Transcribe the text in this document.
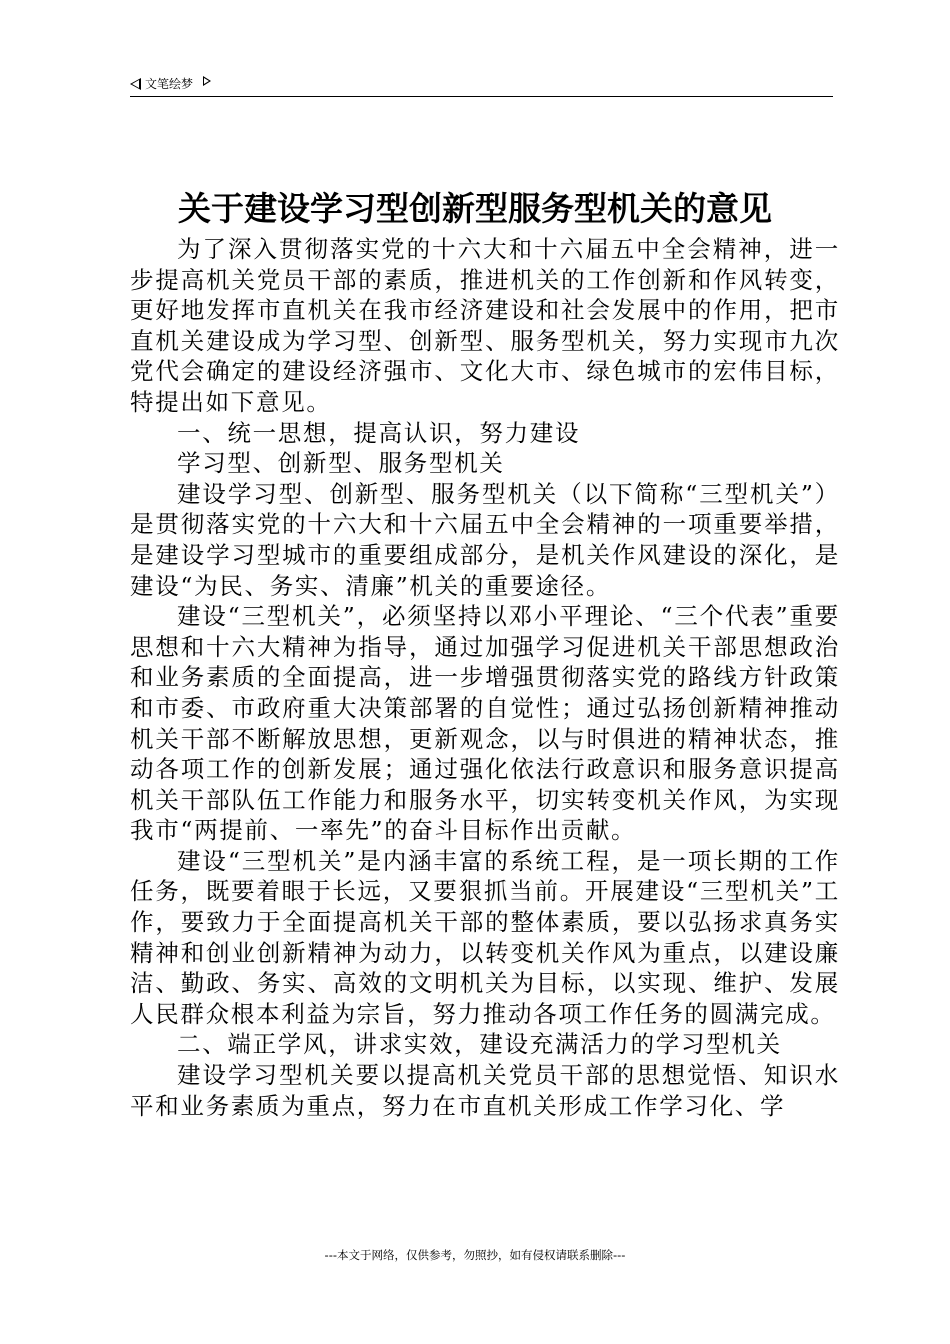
文笔绘梦
关于建设学习型创新型服务型机关的意见

为了深入贯彻落实党的十六大和十六届五中全会精神，进一步提高机关党员干部的素质，推进机关的工作创新和作风转变，更好地发挥市直机关在我市经济建设和社会发展中的作用，把市直机关建设成为学习型、创新型、服务型机关，努力实现市九次党代会确定的建设经济强市、文化大市、绿色城市的宏伟目标，特提出如下意见。

一、统一思想，提高认识，努力建设

学习型、创新型、服务型机关

建设学习型、创新型、服务型机关（以下简称“三型机关”）是贯彻落实党的十六大和十六届五中全会精神的一项重要举措，是建设学习型城市的重要组成部分，是机关作风建设的深化，是建设“为民、务实、清廉”机关的重要途径。

建设“三型机关”，必须坚持以邓小平理论、“三个代表”重要思想和十六大精神为指导，通过加强学习促进机关干部思想政治和业务素质的全面提高，进一步增强贯彻落实党的路线方针政策和市委、市政府重大决策部署的自觉性；通过弘扬创新精神推动机关干部不断解放思想，更新观念，以与时俱进的精神状态，推动各项工作的创新发展；通过强化依法行政意识和服务意识提高机关干部队伍工作能力和服务水平，切实转变机关作风，为实现我市“两提前、一率先”的奋斗目标作出贡献。

建设“三型机关”是内涵丰富的系统工程，是一项长期的工作任务，既要着眼于长远，又要狠抓当前。开展建设“三型机关”工作，要致力于全面提高机关干部的整体素质，要以弘扬求真务实精神和创业创新精神为动力，以转变机关作风为重点，以建设廉洁、勤政、务实、高效的文明机关为目标，以实现、维护、发展人民群众根本利益为宗旨，努力推动各项工作任务的圆满完成。

二、端正学风，讲求实效，建设充满活力的学习型机关

建设学习型机关要以提高机关党员干部的思想觉悟、知识水平和业务素质为重点，努力在市直机关形成工作学习化、学

---本文于网络，仅供参考，勿照抄，如有侵权请联系删除---
